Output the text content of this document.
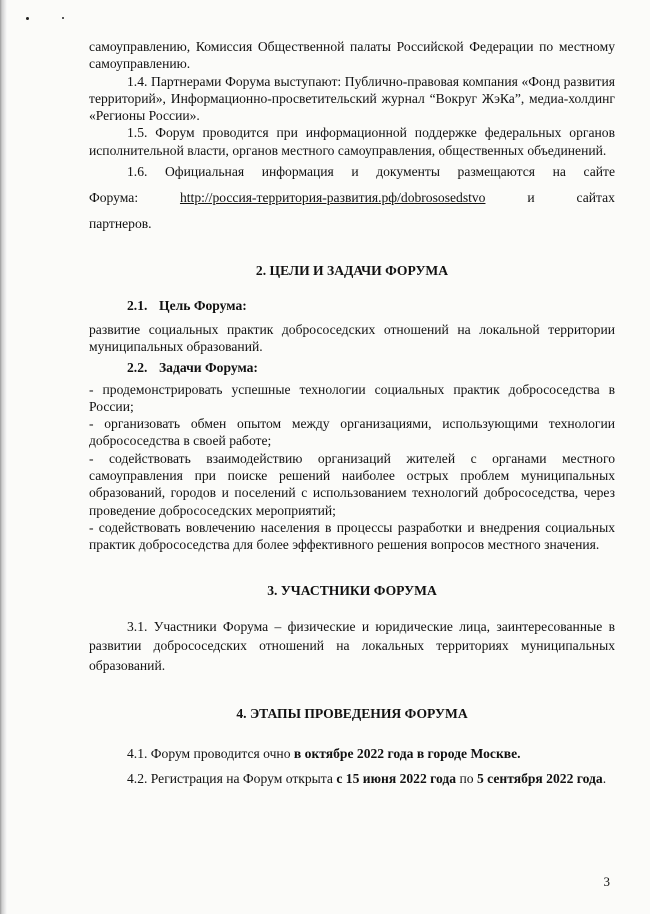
самоуправлению, Комиссия Общественной палаты Российской Федерации по местному самоуправлению.

1.4. Партнерами Форума выступают: Публично-правовая компания «Фонд развития территорий», Информационно-просветительский журнал “Вокруг ЖэКа”, медиа-холдинг «Регионы России».

1.5. Форум проводится при информационной поддержке федеральных органов исполнительной власти, органов местного самоуправления, общественных объединений.

1.6. Официальная информация и документы размещаются на сайте

Форума:	http://россия-территория-развития.рф/dobrososedstvo	и	сайтах

партнеров.

2. ЦЕЛИ И ЗАДАЧИ ФОРУМА

2.1. Цель Форума:

развитие социальных практик добрососедских отношений на локальной территории муниципальных образований.

2.2. Задачи Форума:

- продемонстрировать успешные технологии социальных практик добрососедства в России;

- организовать обмен опытом между организациями, использующими технологии добрососедства в своей работе;

- содействовать взаимодействию организаций жителей с органами местного самоуправления при поиске решений наиболее острых проблем муниципальных образований, городов и поселений с использованием технологий добрососедства, через проведение добрососедских мероприятий;

- содействовать вовлечению населения в процессы разработки и внедрения социальных практик добрососедства для более эффективного решения вопросов местного значения.

3. УЧАСТНИКИ ФОРУМА

3.1. Участники Форума – физические и юридические лица, заинтересованные в развитии добрососедских отношений на локальных территориях муниципальных образований.

4. ЭТАПЫ ПРОВЕДЕНИЯ ФОРУМА

4.1. Форум проводится очно в октябре 2022 года в городе Москве.

4.2. Регистрация на Форум открыта с 15 июня 2022 года по 5 сентября 2022 года.

3
